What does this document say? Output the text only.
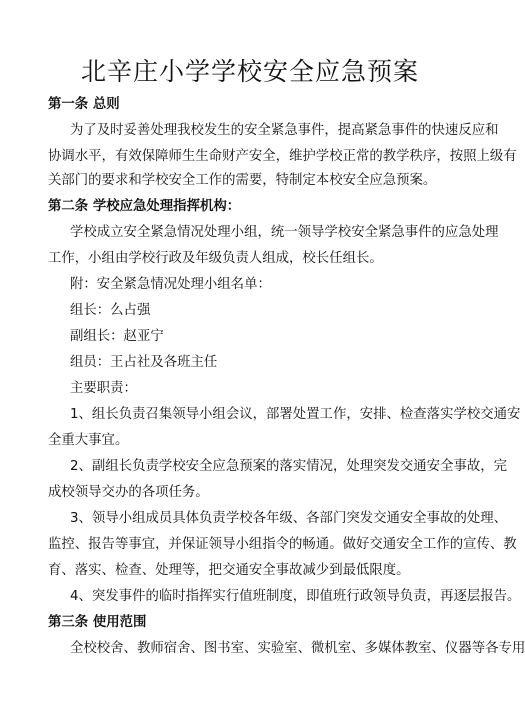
北辛庄小学学校安全应急预案
第一条 总则
为了及时妥善处理我校发生的安全紧急事件，提高紧急事件的快速反应和
协调水平，有效保障师生生命财产安全，维护学校正常的教学秩序，按照上级有
关部门的要求和学校安全工作的需要，特制定本校安全应急预案。
第二条 学校应急处理指挥机构：
学校成立安全紧急情况处理小组，统一领导学校安全紧急事件的应急处理
工作，小组由学校行政及年级负责人组成，校长任组长。
附：安全紧急情况处理小组名单：
组长：么占强
副组长：赵亚宁
组员：王占社及各班主任
主要职责：
1、组长负责召集领导小组会议，部署处置工作，安排、检查落实学校交通安
全重大事宜。
2、副组长负责学校安全应急预案的落实情况，处理突发交通安全事故，完
成校领导交办的各项任务。
3、领导小组成员具体负责学校各年级、各部门突发交通安全事故的处理、
监控、报告等事宜，并保证领导小组指令的畅通。做好交通安全工作的宣传、教
育、落实、检查、处理等，把交通安全事故减少到最低限度。
4、突发事件的临时指挥实行值班制度，即值班行政领导负责，再逐层报告。
第三条 使用范围
全校校舍、教师宿舍、图书室、实验室、微机室、多媒体教室、仪器等各专用
